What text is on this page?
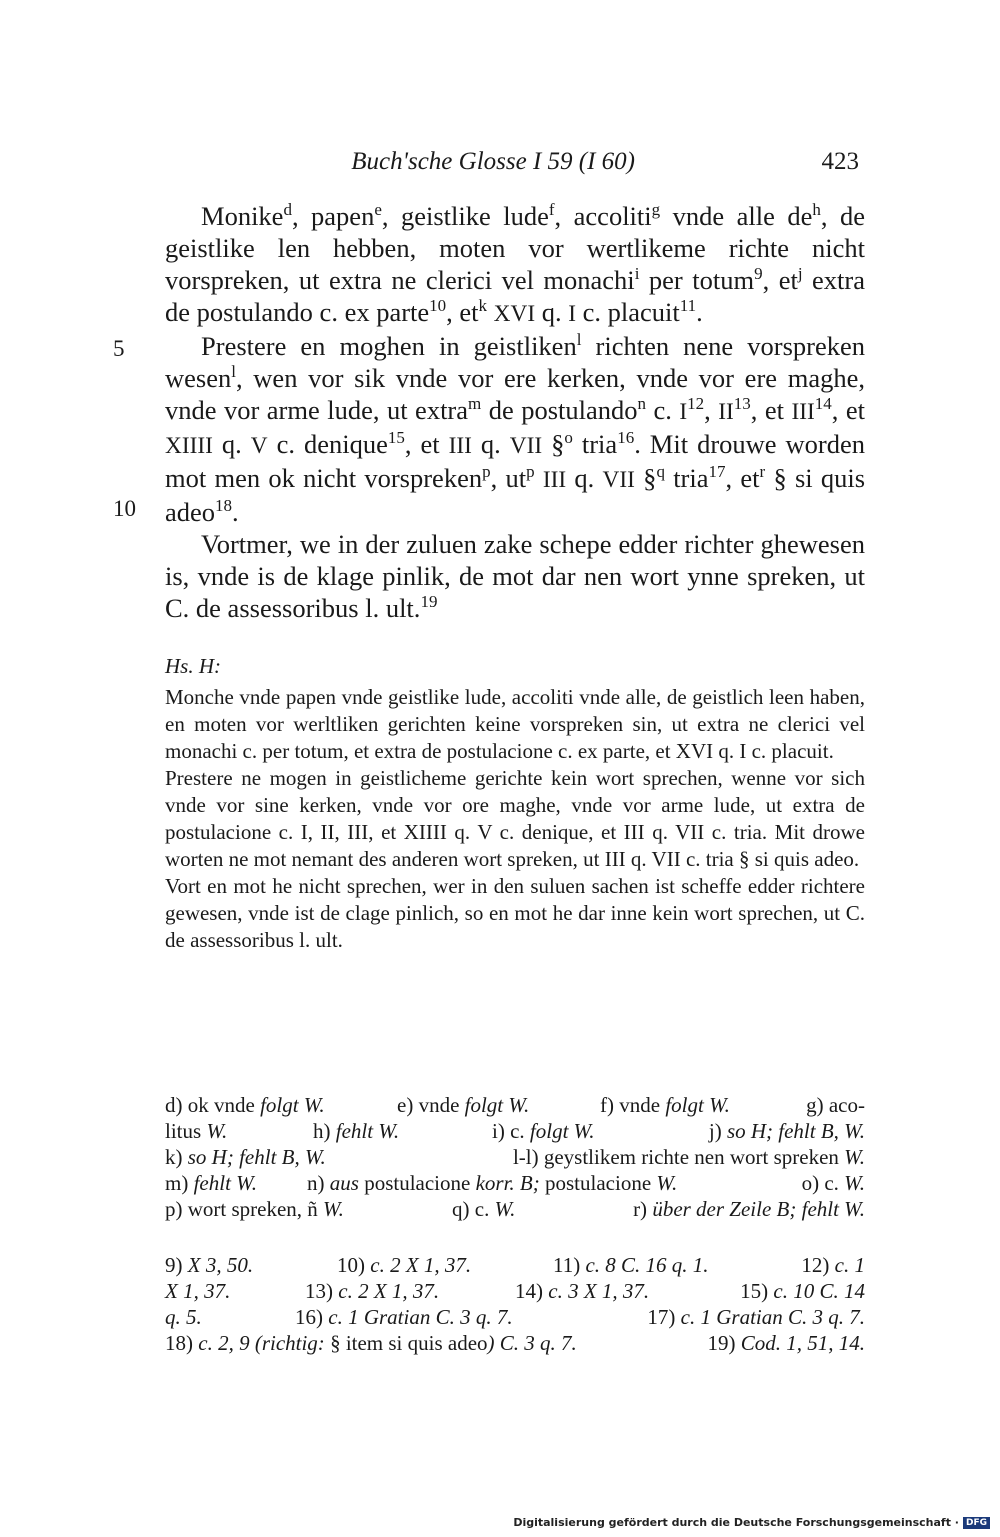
Buch'sche Glosse I 59 (I 60)	423

Monike$^d$, papen$^e$, geistlike lude$^f$, accoliti$^g$ vnde alle $de^h$, de geistlike len hebben, moten vor wertlikeme richte nicht vorspreken, ut extra ne clerici vel monachi$^i$ per totum$^9$, $et^j$ extra de postulando c. ex parte$^{10}$, $et^k$ XVI q. I c. placuit$^{11}$.

Prestere en moghen in geistliken$^l$ richten nene vorspreken wesen$^l$, wen vor sik vnde vor ere kerken, vnde vor ere maghe, vnde vor arme lude, ut extra$^m$ de postulando$^n$ c. $I^{12}$, II$^{13}$, et III$^{14}$, et XIIII q. V c. denique$^{15}$, et III q. VII §$^o$ tria$^{16}$. Mit drouwe worden mot men ok nicht vorspreken$^p$, $ut^p$ III q. VII §$^q$ tria$^{17}$, $et^r$ § si quis adeo$^{18}$.

Vortmer, we in der zuluen zake schepe edder richter ghewesen is, vnde is de klage pinlik, de mot dar nen wort ynne spreken, ut C. de assessoribus l. ult.$^{19}$

5
10
Hs. H:

Monche vnde papen vnde geistlike lude, accoliti vnde alle, de geistlich leen haben, en moten vor werltliken gerichten keine vorspreken sin, ut extra ne clerici vel monachi c. per totum, et extra de postulacione c. ex parte, et XVI q. I c. placuit.

Prestere ne mogen in geistlicheme gerichte kein wort sprechen, wenne vor sich vnde vor sine kerken, vnde vor ore maghe, vnde vor arme lude, ut extra de postulacione c. I, II, III, et XIIII q. V c. denique, et III q. VII c. tria. Mit drowe worten ne mot nemant des anderen wort spreken, ut III q. VII c. tria § si quis adeo.

Vort en mot he nicht sprechen, wer in den suluen sachen ist scheffe edder richtere gewesen, vnde ist de clage pinlich, so en mot he dar inne kein wort sprechen, ut C. de assessoribus l. ult.

d) ok vnde folgt W.	e) vnde folgt W.	f) vnde folgt W.	g) aco-
litus W.	h) fehlt W.	i) c. folgt W.	j) so H; fehlt B, W.
k) so H; fehlt B, W.	l-l) geystlikem richte nen wort spreken W.
m) fehlt W. n) aus postulacione korr. B; postulacione W.	o) c. W.
p) wort spreken, ñ W.	q) c. W.	r) über der Zeile B; fehlt W.
9) X 3, 50.	10) c. 2 X 1, 37.	11) c. 8 C. 16 q. 1.	12) c. 1
X 1, 37.	13) c. 2 X 1, 37.	14) c. 3 X 1, 37.	15) c. 10 C. 14
q. 5.	16) c. 1 Gratian C. 3 q. 7.	17) c. 1 Gratian C. 3 q. 7.
18) c. 2, 9 (richtig: § item si quis adeo) C. 3 q. 7.	19) Cod. 1, 51, 14.
Digitalisierung gefördert durch die Deutsche Forschungsgemeinschaft · DFG
